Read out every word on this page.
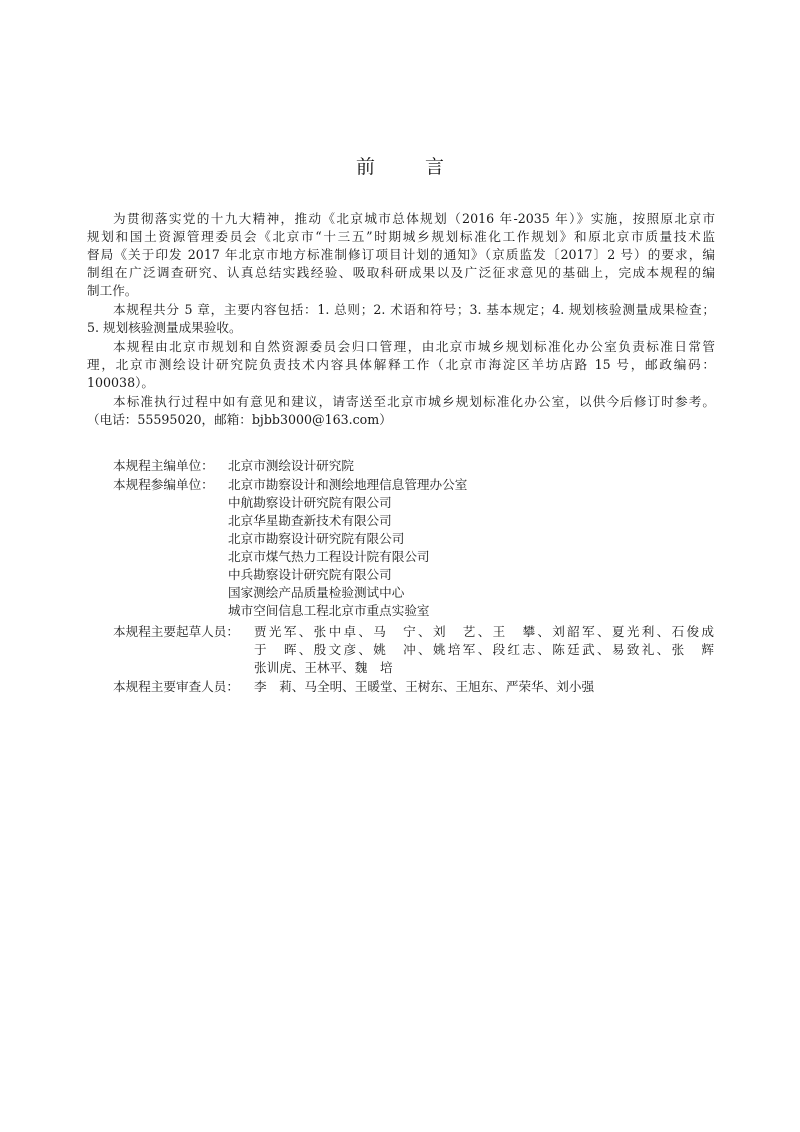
前	言
为贯彻落实党的十九大精神，推动《北京城市总体规划（2016 年-2035 年）》实施，按照原北京市
规划和国土资源管理委员会《北京市“十三五”时期城乡规划标准化工作规划》和原北京市质量技术监
督局《关于印发 2017 年北京市地方标准制修订项目计划的通知》（京质监发〔2017〕2 号）的要求，编
制组在广泛调查研究、认真总结实践经验、吸取科研成果以及广泛征求意见的基础上，完成本规程的编
制工作。
本规程共分 5 章，主要内容包括：1. 总则；2. 术语和符号；3. 基本规定；4. 规划核验测量成果检查；
5. 规划核验测量成果验收。
本规程由北京市规划和自然资源委员会归口管理，由北京市城乡规划标准化办公室负责标准日常管
理，北京市测绘设计研究院负责技术内容具体解释工作（北京市海淀区羊坊店路 15 号，邮政编码：
100038）。
本标准执行过程中如有意见和建议，请寄送至北京市城乡规划标准化办公室，以供今后修订时参考。
（电话：55595020，邮箱：bjbb3000@163.com）
本规程主编单位： 北京市测绘设计研究院
本规程参编单位： 北京市勘察设计和测绘地理信息管理办公室
中航勘察设计研究院有限公司
北京华星勘查新技术有限公司
北京市勘察设计研究院有限公司
北京市煤气热力工程设计院有限公司
中兵勘察设计研究院有限公司
国家测绘产品质量检验测试中心
城市空间信息工程北京市重点实验室
本规程主要起草人员： 贾光军、张中卓、马　宁、刘　艺、王　攀、刘韶军、夏光利、石俊成
于　晖、殷文彦、姚　冲、姚培军、段红志、陈廷武、易致礼、张　辉
张训虎、王林平、魏　培
本规程主要审查人员： 李　莉、马全明、王暖堂、王树东、王旭东、严荣华、刘小强
